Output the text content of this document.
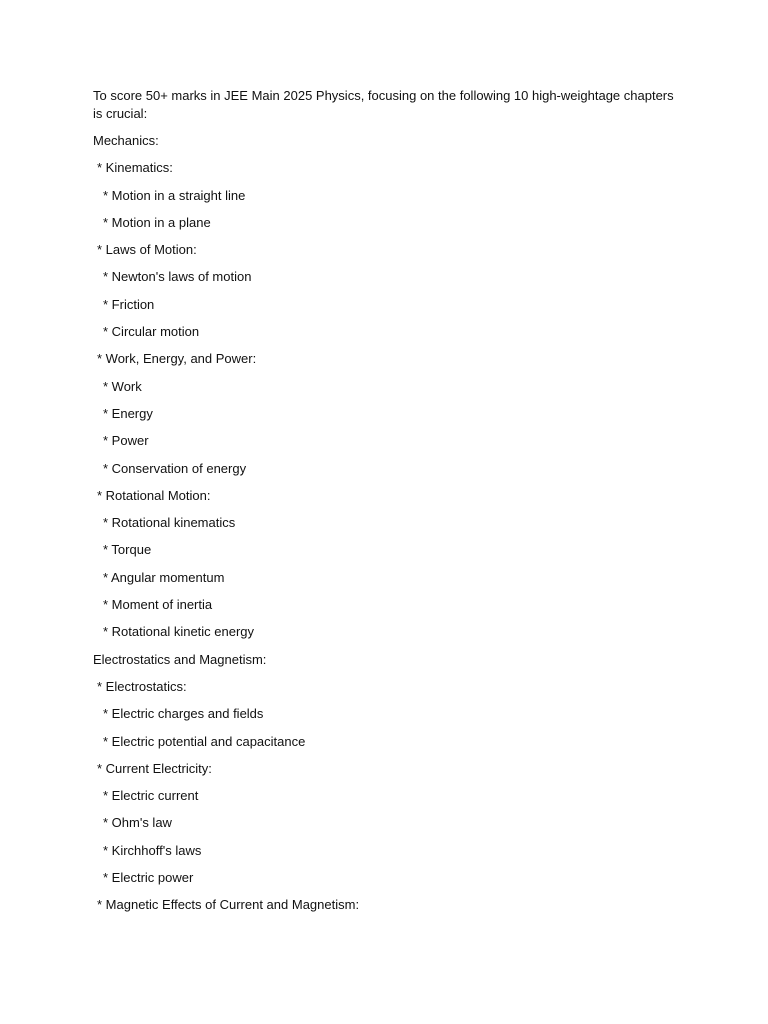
To score 50+ marks in JEE Main 2025 Physics, focusing on the following 10 high-weightage chapters is crucial:

Mechanics:

* Kinematics:

* Motion in a straight line

* Motion in a plane

* Laws of Motion:

* Newton's laws of motion

* Friction

* Circular motion

* Work, Energy, and Power:

* Work

* Energy

* Power

* Conservation of energy

* Rotational Motion:

* Rotational kinematics

* Torque

* Angular momentum

* Moment of inertia

* Rotational kinetic energy

Electrostatics and Magnetism:

* Electrostatics:

* Electric charges and fields

* Electric potential and capacitance

* Current Electricity:

* Electric current

* Ohm's law

* Kirchhoff's laws

* Electric power

* Magnetic Effects of Current and Magnetism:
